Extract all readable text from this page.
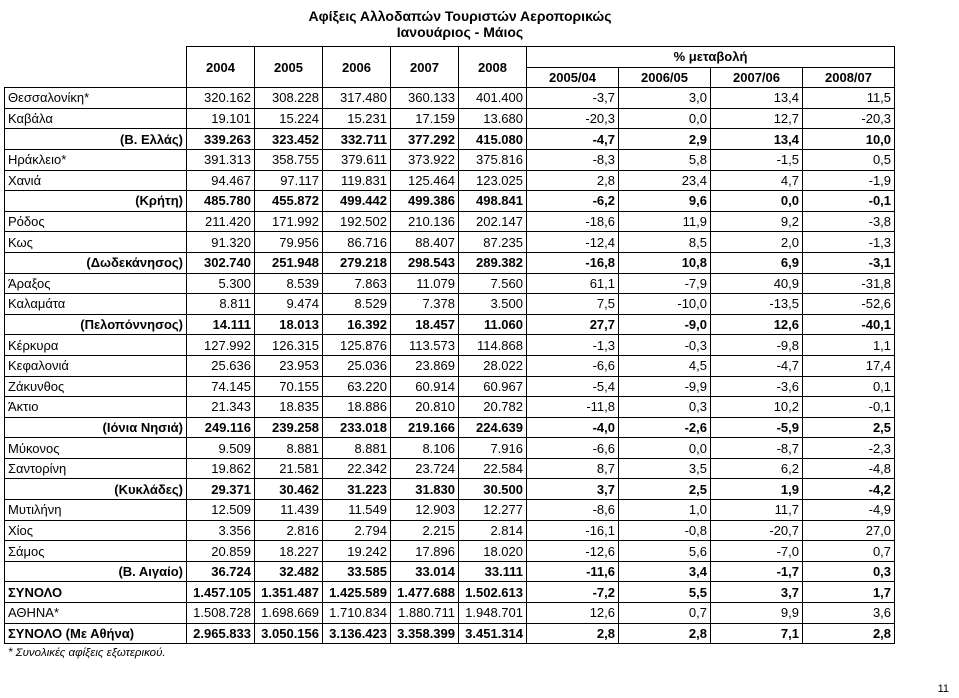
Αφίξεις Αλλοδαπών Τουριστών Αεροπορικώς
Ιανουάριος - Μάιος
	2004	2005	2006	2007	2008	% μεταβολή			
						2005/04	2006/05	2007/06	2008/07
Θεσσαλονίκη*	320.162	308.228	317.480	360.133	401.400	-3,7	3,0	13,4	11,5
Καβάλα	19.101	15.224	15.231	17.159	13.680	-20,3	0,0	12,7	-20,3
(Β. Ελλάς)	339.263	323.452	332.711	377.292	415.080	-4,7	2,9	13,4	10,0
Ηράκλειο*	391.313	358.755	379.611	373.922	375.816	-8,3	5,8	-1,5	0,5
Χανιά	94.467	97.117	119.831	125.464	123.025	2,8	23,4	4,7	-1,9
(Κρήτη)	485.780	455.872	499.442	499.386	498.841	-6,2	9,6	0,0	-0,1
Ρόδος	211.420	171.992	192.502	210.136	202.147	-18,6	11,9	9,2	-3,8
Κως	91.320	79.956	86.716	88.407	87.235	-12,4	8,5	2,0	-1,3
(Δωδεκάνησος)	302.740	251.948	279.218	298.543	289.382	-16,8	10,8	6,9	-3,1
Άραξος	5.300	8.539	7.863	11.079	7.560	61,1	-7,9	40,9	-31,8
Καλαμάτα	8.811	9.474	8.529	7.378	3.500	7,5	-10,0	-13,5	-52,6
(Πελοπόννησος)	14.111	18.013	16.392	18.457	11.060	27,7	-9,0	12,6	-40,1
Κέρκυρα	127.992	126.315	125.876	113.573	114.868	-1,3	-0,3	-9,8	1,1
Κεφαλονιά	25.636	23.953	25.036	23.869	28.022	-6,6	4,5	-4,7	17,4
Ζάκυνθος	74.145	70.155	63.220	60.914	60.967	-5,4	-9,9	-3,6	0,1
Άκτιο	21.343	18.835	18.886	20.810	20.782	-11,8	0,3	10,2	-0,1
(Ιόνια Νησιά)	249.116	239.258	233.018	219.166	224.639	-4,0	-2,6	-5,9	2,5
Μύκονος	9.509	8.881	8.881	8.106	7.916	-6,6	0,0	-8,7	-2,3
Σαντορίνη	19.862	21.581	22.342	23.724	22.584	8,7	3,5	6,2	-4,8
(Κυκλάδες)	29.371	30.462	31.223	31.830	30.500	3,7	2,5	1,9	-4,2
Μυτιλήνη	12.509	11.439	11.549	12.903	12.277	-8,6	1,0	11,7	-4,9
Χίος	3.356	2.816	2.794	2.215	2.814	-16,1	-0,8	-20,7	27,0
Σάμος	20.859	18.227	19.242	17.896	18.020	-12,6	5,6	-7,0	0,7
(Β. Αιγαίο)	36.724	32.482	33.585	33.014	33.111	-11,6	3,4	-1,7	0,3
ΣΥΝΟΛΟ	1.457.105	1.351.487	1.425.589	1.477.688	1.502.613	-7,2	5,5	3,7	1,7
ΑΘΗΝΑ*	1.508.728	1.698.669	1.710.834	1.880.711	1.948.701	12,6	0,7	9,9	3,6
ΣΥΝΟΛΟ (Με Αθήνα)	2.965.833	3.050.156	3.136.423	3.358.399	3.451.314	2,8	2,8	7,1	2,8
* Συνολικές αφίξεις εξωτερικού.
11
